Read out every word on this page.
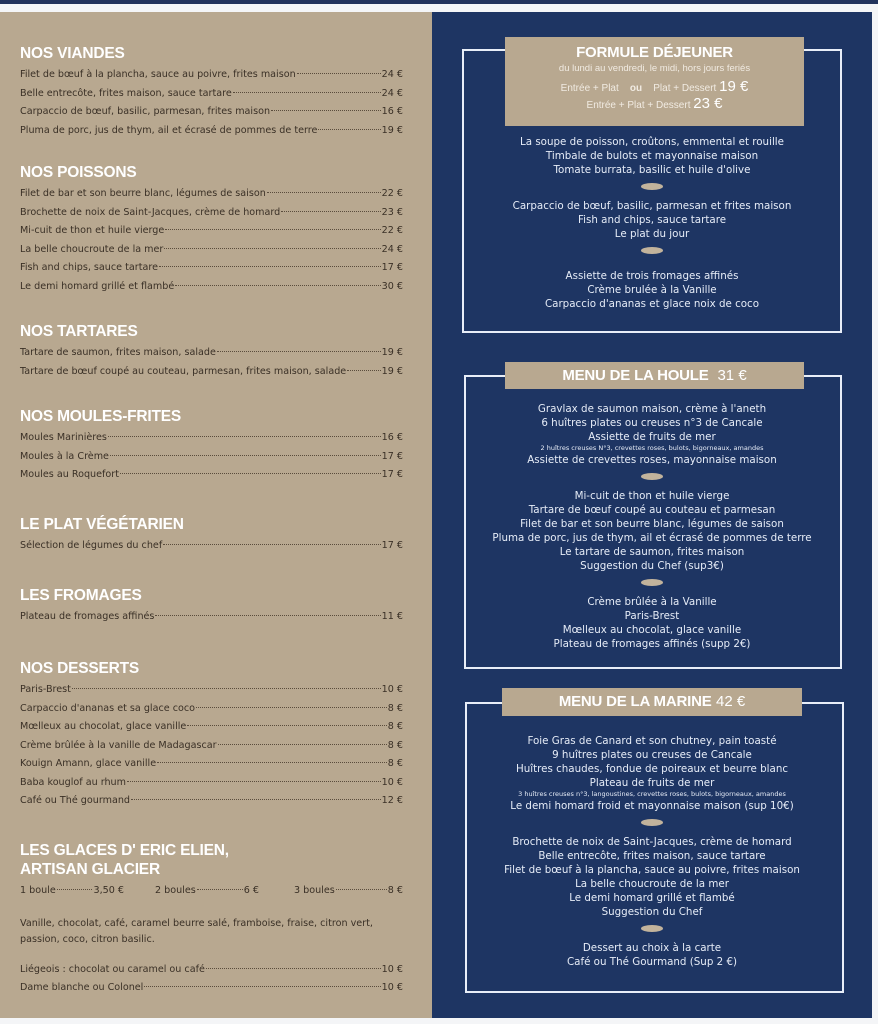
NOS VIANDES
Filet de bœuf à la plancha, sauce au poivre, frites maison	24 €
Belle entrecôte, frites maison, sauce tartare	24 €
Carpaccio de bœuf, basilic, parmesan, frites maison	16 €
Pluma de porc, jus de thym, ail et écrasé de pommes de terre	19 €
NOS POISSONS
Filet de bar et son beurre blanc, légumes de saison	22 €
Brochette de noix de Saint-Jacques, crème de homard	23 €
Mi-cuit de thon et huile vierge	22 €
La belle choucroute de la mer	24 €
Fish and chips, sauce tartare	17 €
Le demi homard grillé et flambé	30 €
NOS TARTARES
Tartare de saumon, frites maison, salade	19 €
Tartare de bœuf coupé au couteau, parmesan, frites maison, salade	19 €
NOS MOULES-FRITES
Moules Marinières	16 €
Moules à la Crème	17 €
Moules au Roquefort	17 €
LE PLAT VÉGÉTARIEN
Sélection de légumes du chef	17 €
LES FROMAGES
Plateau de fromages affinés	11 €
NOS DESSERTS
Paris-Brest	10 €
Carpaccio d'ananas et sa glace coco	8 €
Mœlleux au chocolat, glace vanille	8 €
Crème brûlée à la vanille de Madagascar	8 €
Kouign Amann, glace vanille	8 €
Baba kouglof au rhum	10 €
Café ou Thé gourmand	12 €
LES GLACES D' ERIC ELIEN,
ARTISAN GLACIER
1 boule	3,50 €	2 boules	6 €	3 boules	8 €
Vanille, chocolat, café, caramel beurre salé, framboise, fraise, citron vert, passion, coco, citron basilic.
Liégeois : chocolat ou caramel ou café	10 €
Dame blanche ou Colonel	10 €
FORMULE DÉJEUNER
du lundi au vendredi, le midi, hors jours feriés
Entrée + Plat ou Plat + Dessert 19 €
Entrée + Plat + Dessert 23 €
La soupe de poisson, croûtons, emmental et rouille
Timbale de bulots et mayonnaise maison
Tomate burrata, basilic et huile d'olive
Carpaccio de bœuf, basilic, parmesan et frites maison
Fish and chips, sauce tartare
Le plat du jour
Assiette de trois fromages affinés
Crème brulée à la Vanille
Carpaccio d'ananas et glace noix de coco
MENU DE LA HOULE 31 €
Gravlax de saumon maison, crème à l'aneth
6 huîtres plates ou creuses n°3 de Cancale
Assiette de fruits de mer
2 huîtres creuses N°3, crevettes roses, bulots, bigorneaux, amandes
Assiette de crevettes roses, mayonnaise maison
Mi-cuit de thon et huile vierge
Tartare de bœuf coupé au couteau et parmesan
Filet de bar et son beurre blanc, légumes de saison
Pluma de porc, jus de thym, ail et écrasé de pommes de terre
Le tartare de saumon, frites maison
Suggestion du Chef (sup3€)
Crème brûlée à la Vanille
Paris-Brest
Mœlleux au chocolat, glace vanille
Plateau de fromages affinés (supp 2€)
MENU DE LA MARINE 42 €
Foie Gras de Canard et son chutney, pain toasté
9 huîtres plates ou creuses de Cancale
Huîtres chaudes, fondue de poireaux et beurre blanc
Plateau de fruits de mer
3 huîtres creuses n°3, langoustines, crevettes roses, bulots, bigorneaux, amandes
Le demi homard froid et mayonnaise maison (sup 10€)
Brochette de noix de Saint-Jacques, crème de homard
Belle entrecôte, frites maison, sauce tartare
Filet de bœuf à la plancha, sauce au poivre, frites maison
La belle choucroute de la mer
Le demi homard grillé et flambé
Suggestion du Chef
Dessert au choix à la carte
Café ou Thé Gourmand (Sup 2 €)
